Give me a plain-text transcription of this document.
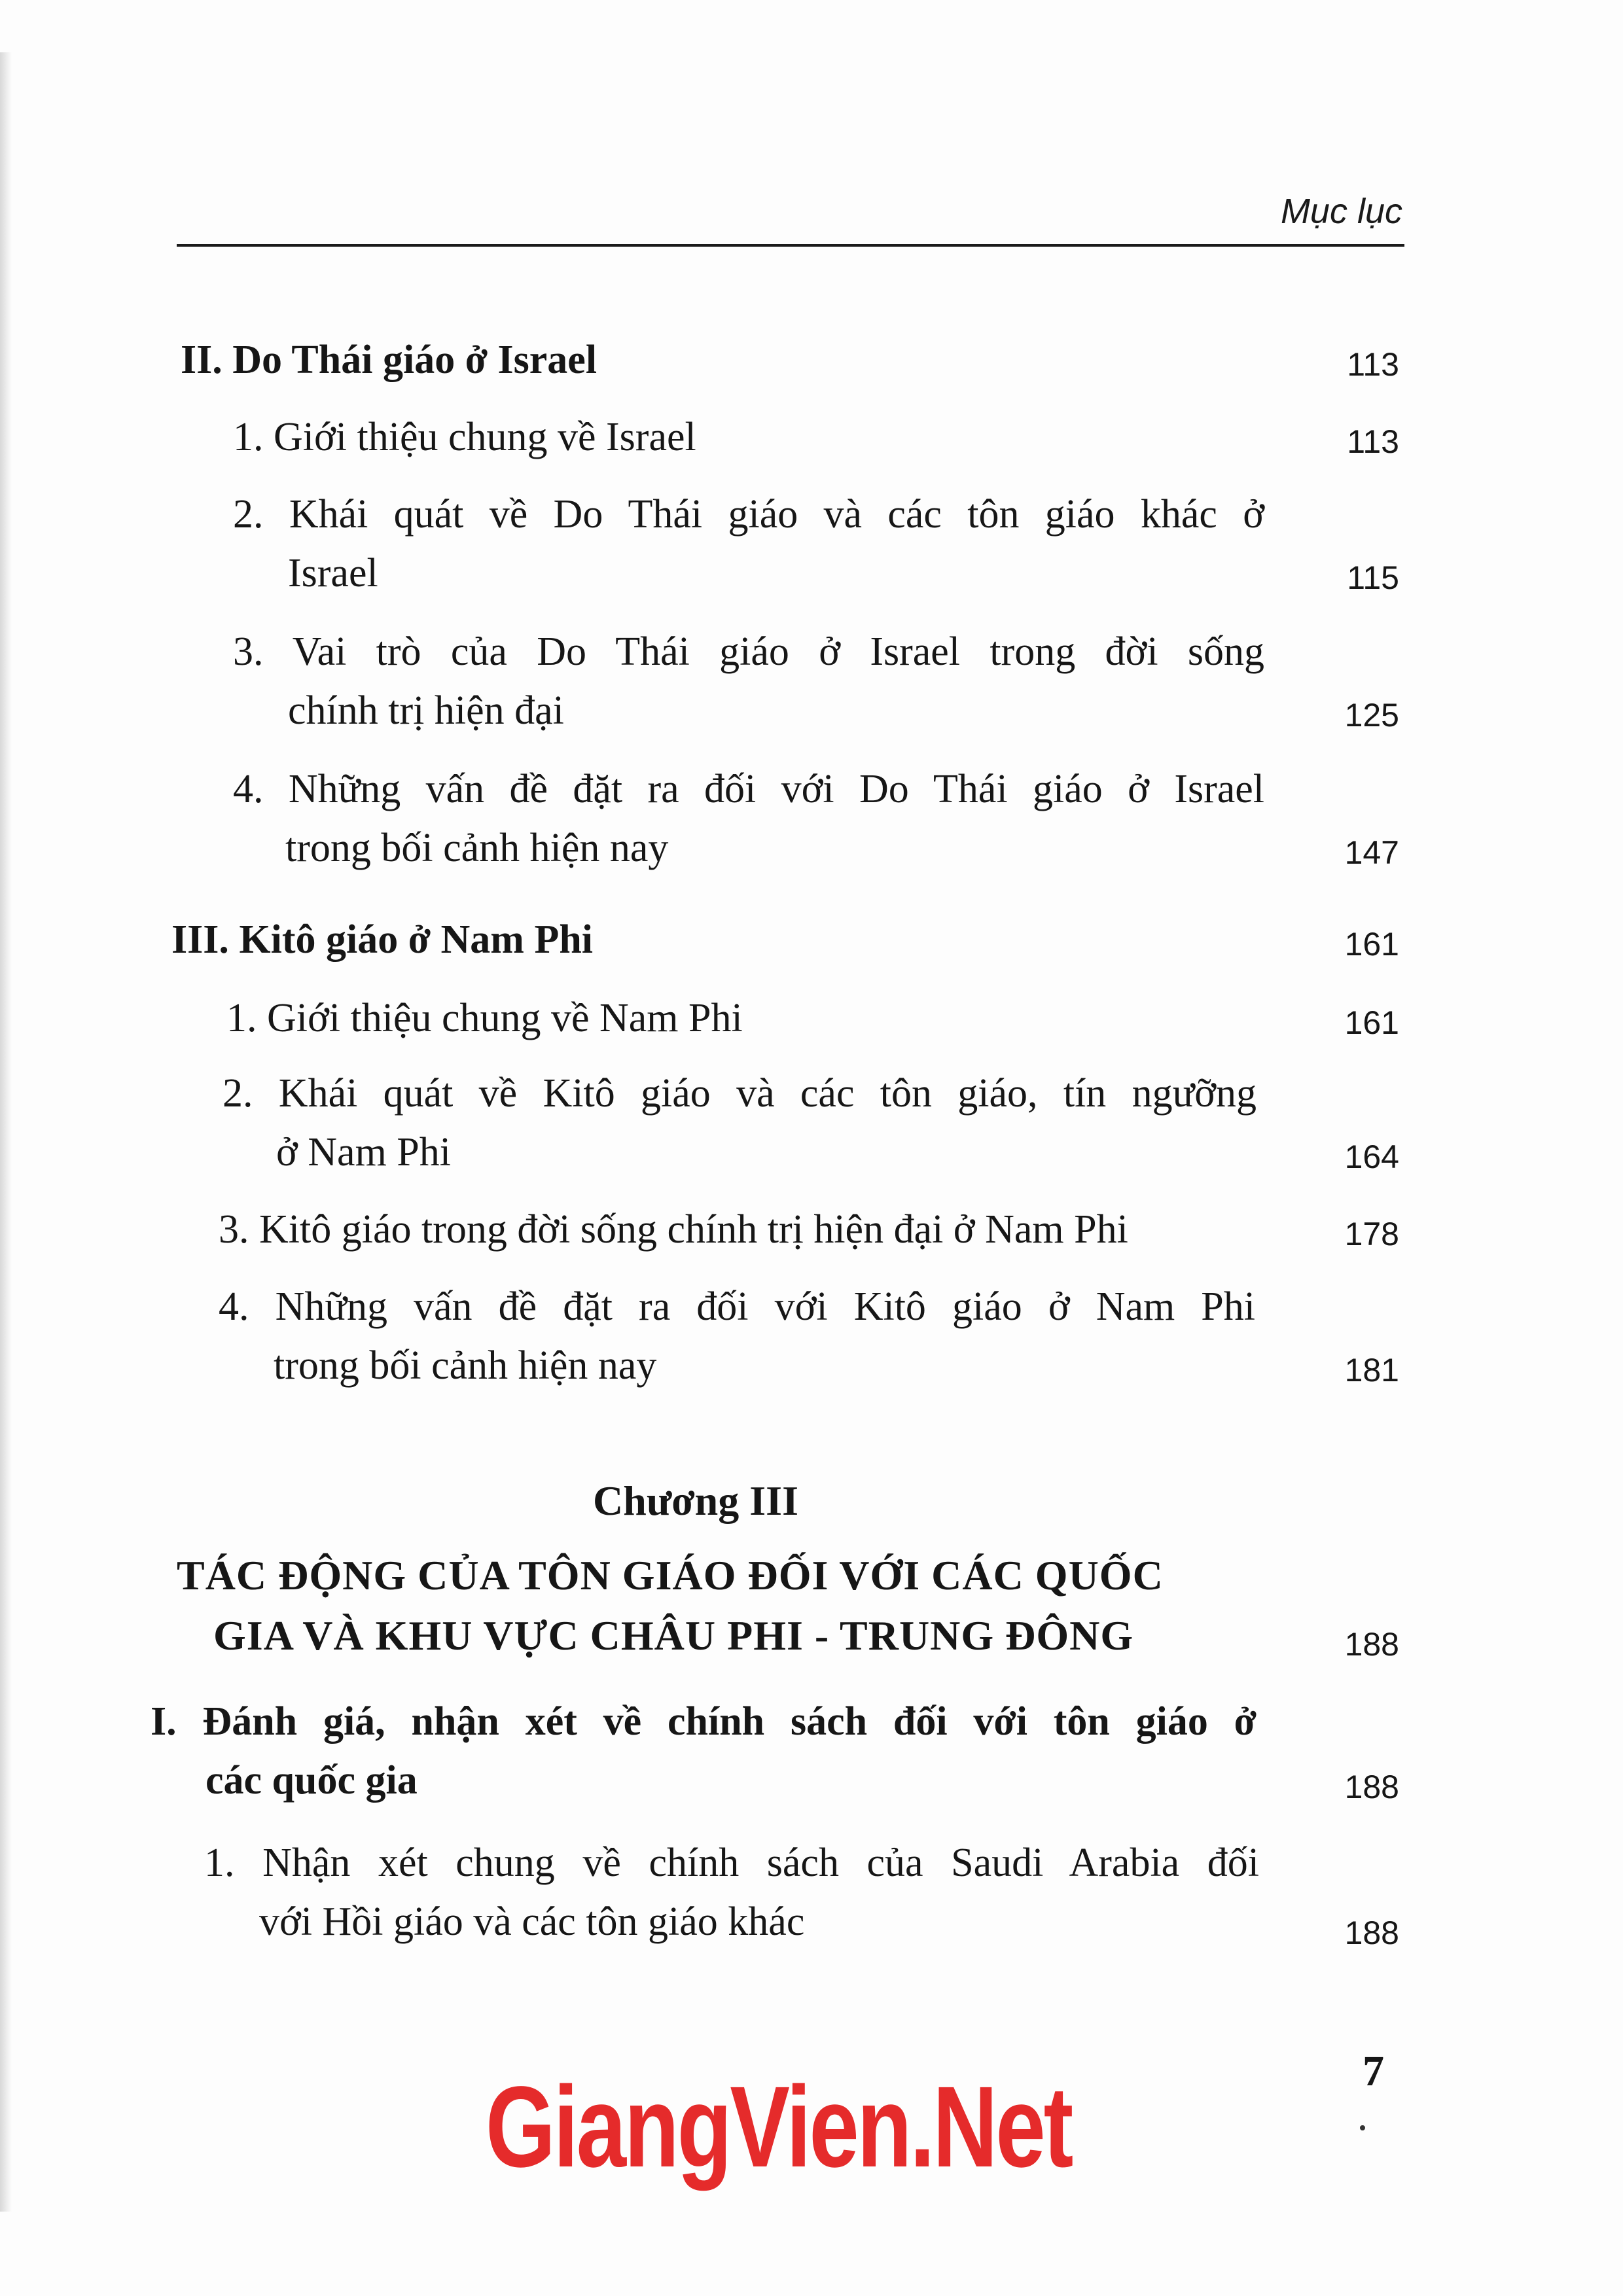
Mục lục
II. Do Thái giáo ở Israel	113
1. Giới thiệu chung về Israel	113
2. Khái quát về Do Thái giáo và các tôn giáo khác ở
Israel	115
3. Vai trò của Do Thái giáo ở Israel trong đời sống
chính trị hiện đại	125
4. Những vấn đề đặt ra đối với Do Thái giáo ở Israel
trong bối cảnh hiện nay	147
III. Kitô giáo ở Nam Phi	161
1. Giới thiệu chung về Nam Phi	161
2. Khái quát về Kitô giáo và các tôn giáo, tín ngưỡng
ở Nam Phi	164
3. Kitô giáo trong đời sống chính trị hiện đại ở Nam Phi	178
4. Những vấn đề đặt ra đối với Kitô giáo ở Nam Phi
trong bối cảnh hiện nay	181
Chương III
TÁC ĐỘNG CỦA TÔN GIÁO ĐỐI VỚI CÁC QUỐC
GIA VÀ KHU VỰC CHÂU PHI - TRUNG ĐÔNG	188
I. Đánh giá, nhận xét về chính sách đối với tôn giáo ở
các quốc gia	188
1. Nhận xét chung về chính sách của Saudi Arabia đối
với Hồi giáo và các tôn giáo khác	188
7
GiangVien.Net
